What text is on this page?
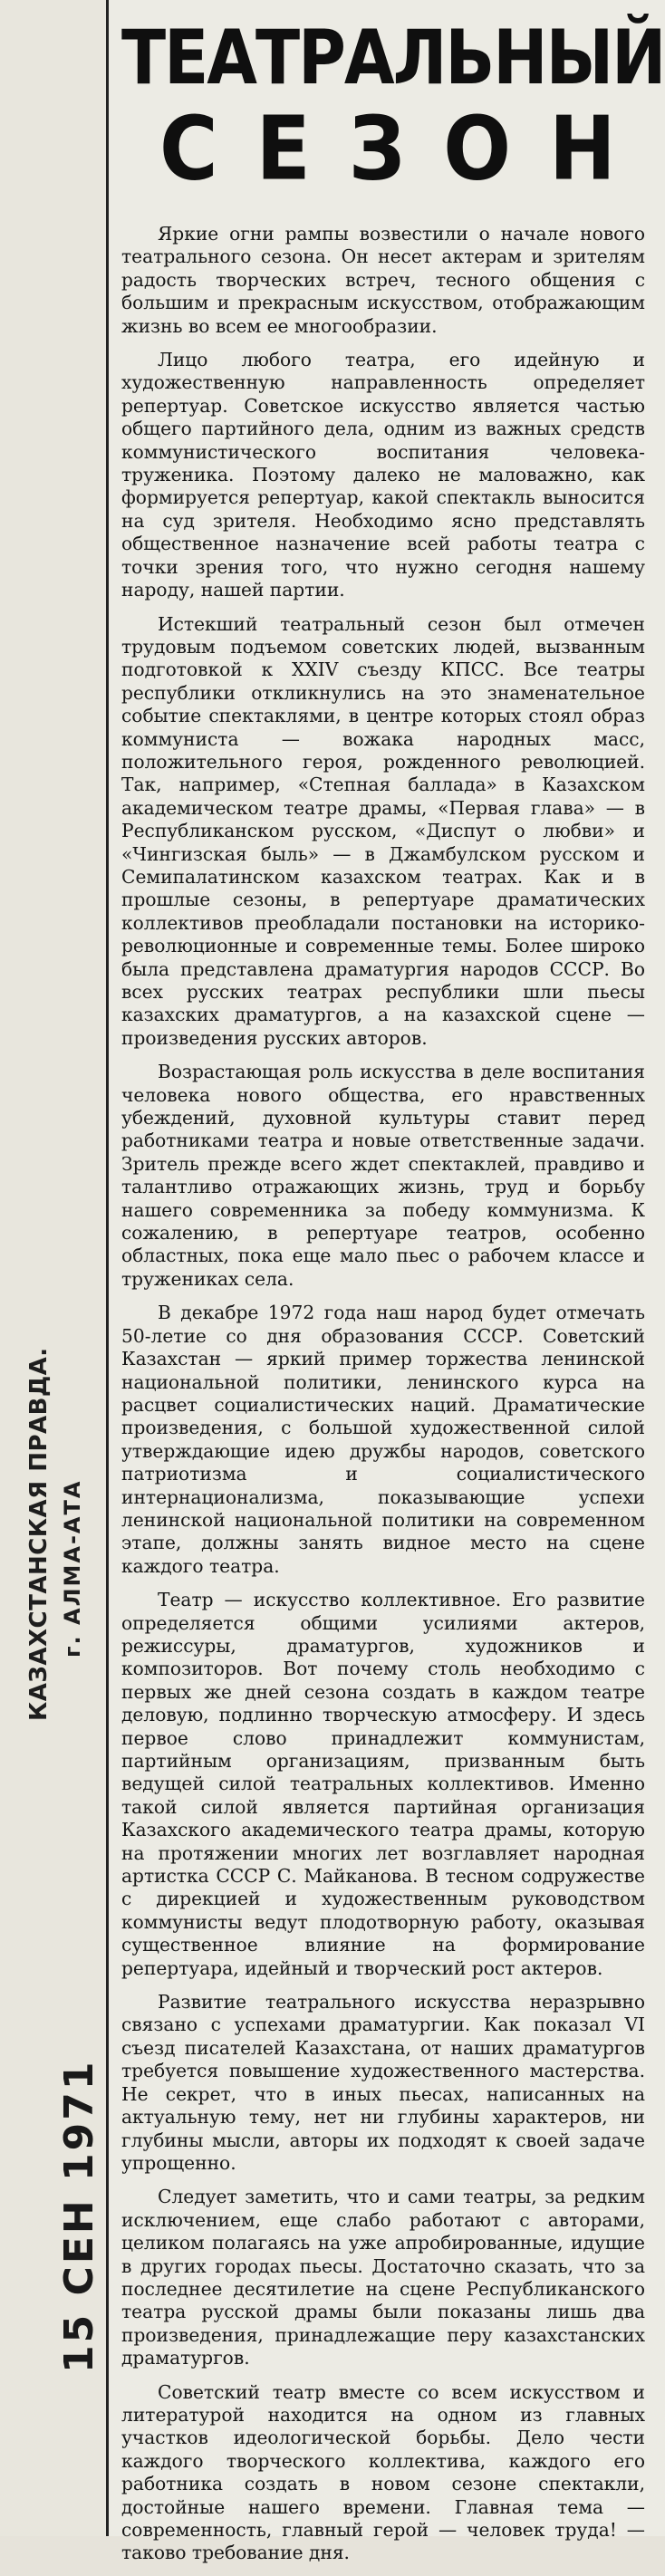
КАЗАХСТАНСКАЯ ПРАВДА. г. АЛМА-АТА
15 СЕН 1971
ТЕАТРАЛЬНЫЙ
СЕЗОН

Яркие огни рампы возвестили о начале нового театрального сезона. Он несет актерам и зрителям радость творческих встреч, тесного общения с большим и прекрасным искусством, отображающим жизнь во всем ее многообразии.

Лицо любого театра, его идейную и художественную направленность определяет репертуар. Советское искусство является частью общего партийного дела, одним из важных средств коммунистического воспитания человека-труженика. Поэтому далеко не маловажно, как формируется репертуар, какой спектакль выносится на суд зрителя. Необходимо ясно представлять общественное назначение всей работы театра с точки зрения того, что нужно сегодня нашему народу, нашей партии.

Истекший театральный сезон был отмечен трудовым подъемом советских людей, вызванным подготовкой к XXIV съезду КПСС. Все театры республики откликнулись на это знаменательное событие спектаклями, в центре которых стоял образ коммуниста — вожака народных масс, положительного героя, рожденного революцией. Так, например, «Степная баллада» в Казахском академическом театре драмы, «Первая глава» — в Республиканском русском, «Диспут о любви» и «Чингизская быль» — в Джамбулском русском и Семипалатинском казахском театрах. Как и в прошлые сезоны, в репертуаре драматических коллективов преобладали постановки на историко-революционные и современные темы. Более широко была представлена драматургия народов СССР. Во всех русских театрах республики шли пьесы казахских драматургов, а на казахской сцене — произведения русских авторов.

Возрастающая роль искусства в деле воспитания человека нового общества, его нравственных убеждений, духовной культуры ставит перед работниками театра и новые ответственные задачи. Зритель прежде всего ждет спектаклей, правдиво и талантливо отражающих жизнь, труд и борьбу нашего современника за победу коммунизма. К сожалению, в репертуаре театров, особенно областных, пока еще мало пьес о рабочем классе и тружениках села.

В декабре 1972 года наш народ будет отмечать 50-летие со дня образования СССР. Советский Казахстан — яркий пример торжества ленинской национальной политики, ленинского курса на расцвет социалистических наций. Драматические произведения, с большой художественной силой утверждающие идею дружбы народов, советского патриотизма и социалистического интернационализма, показывающие успехи ленинской национальной политики на современном этапе, должны занять видное место на сцене каждого театра.

Театр — искусство коллективное. Его развитие определяется общими усилиями актеров, режиссуры, драматургов, художников и композиторов. Вот почему столь необходимо с первых же дней сезона создать в каждом театре деловую, подлинно творческую атмосферу. И здесь первое слово принадлежит коммунистам, партийным организациям, призванным быть ведущей силой театральных коллективов. Именно такой силой является партийная организация Казахского академического театра драмы, которую на протяжении многих лет возглавляет народная артистка СССР С. Майканова. В тесном содружестве с дирекцией и художественным руководством коммунисты ведут плодотворную работу, оказывая существенное влияние на формирование репертуара, идейный и творческий рост актеров.

Развитие театрального искусства неразрывно связано с успехами драматургии. Как показал VI съезд писателей Казахстана, от наших драматургов требуется повышение художественного мастерства. Не секрет, что в иных пьесах, написанных на актуальную тему, нет ни глубины характеров, ни глубины мысли, авторы их подходят к своей задаче упрощенно.

Следует заметить, что и сами театры, за редким исключением, еще слабо работают с авторами, целиком полагаясь на уже апробированные, идущие в других городах пьесы. Достаточно сказать, что за последнее десятилетие на сцене Республиканского театра русской драмы были показаны лишь два произведения, принадлежащие перу казахстанских драматургов.

Советский театр вместе со всем искусством и литературой находится на одном из главных участков идеологической борьбы. Дело чести каждого творческого коллектива, каждого его работника создать в новом сезоне спектакли, достойные нашего времени. Главная тема — современность, главный герой — человек труда! — таково требование дня.
